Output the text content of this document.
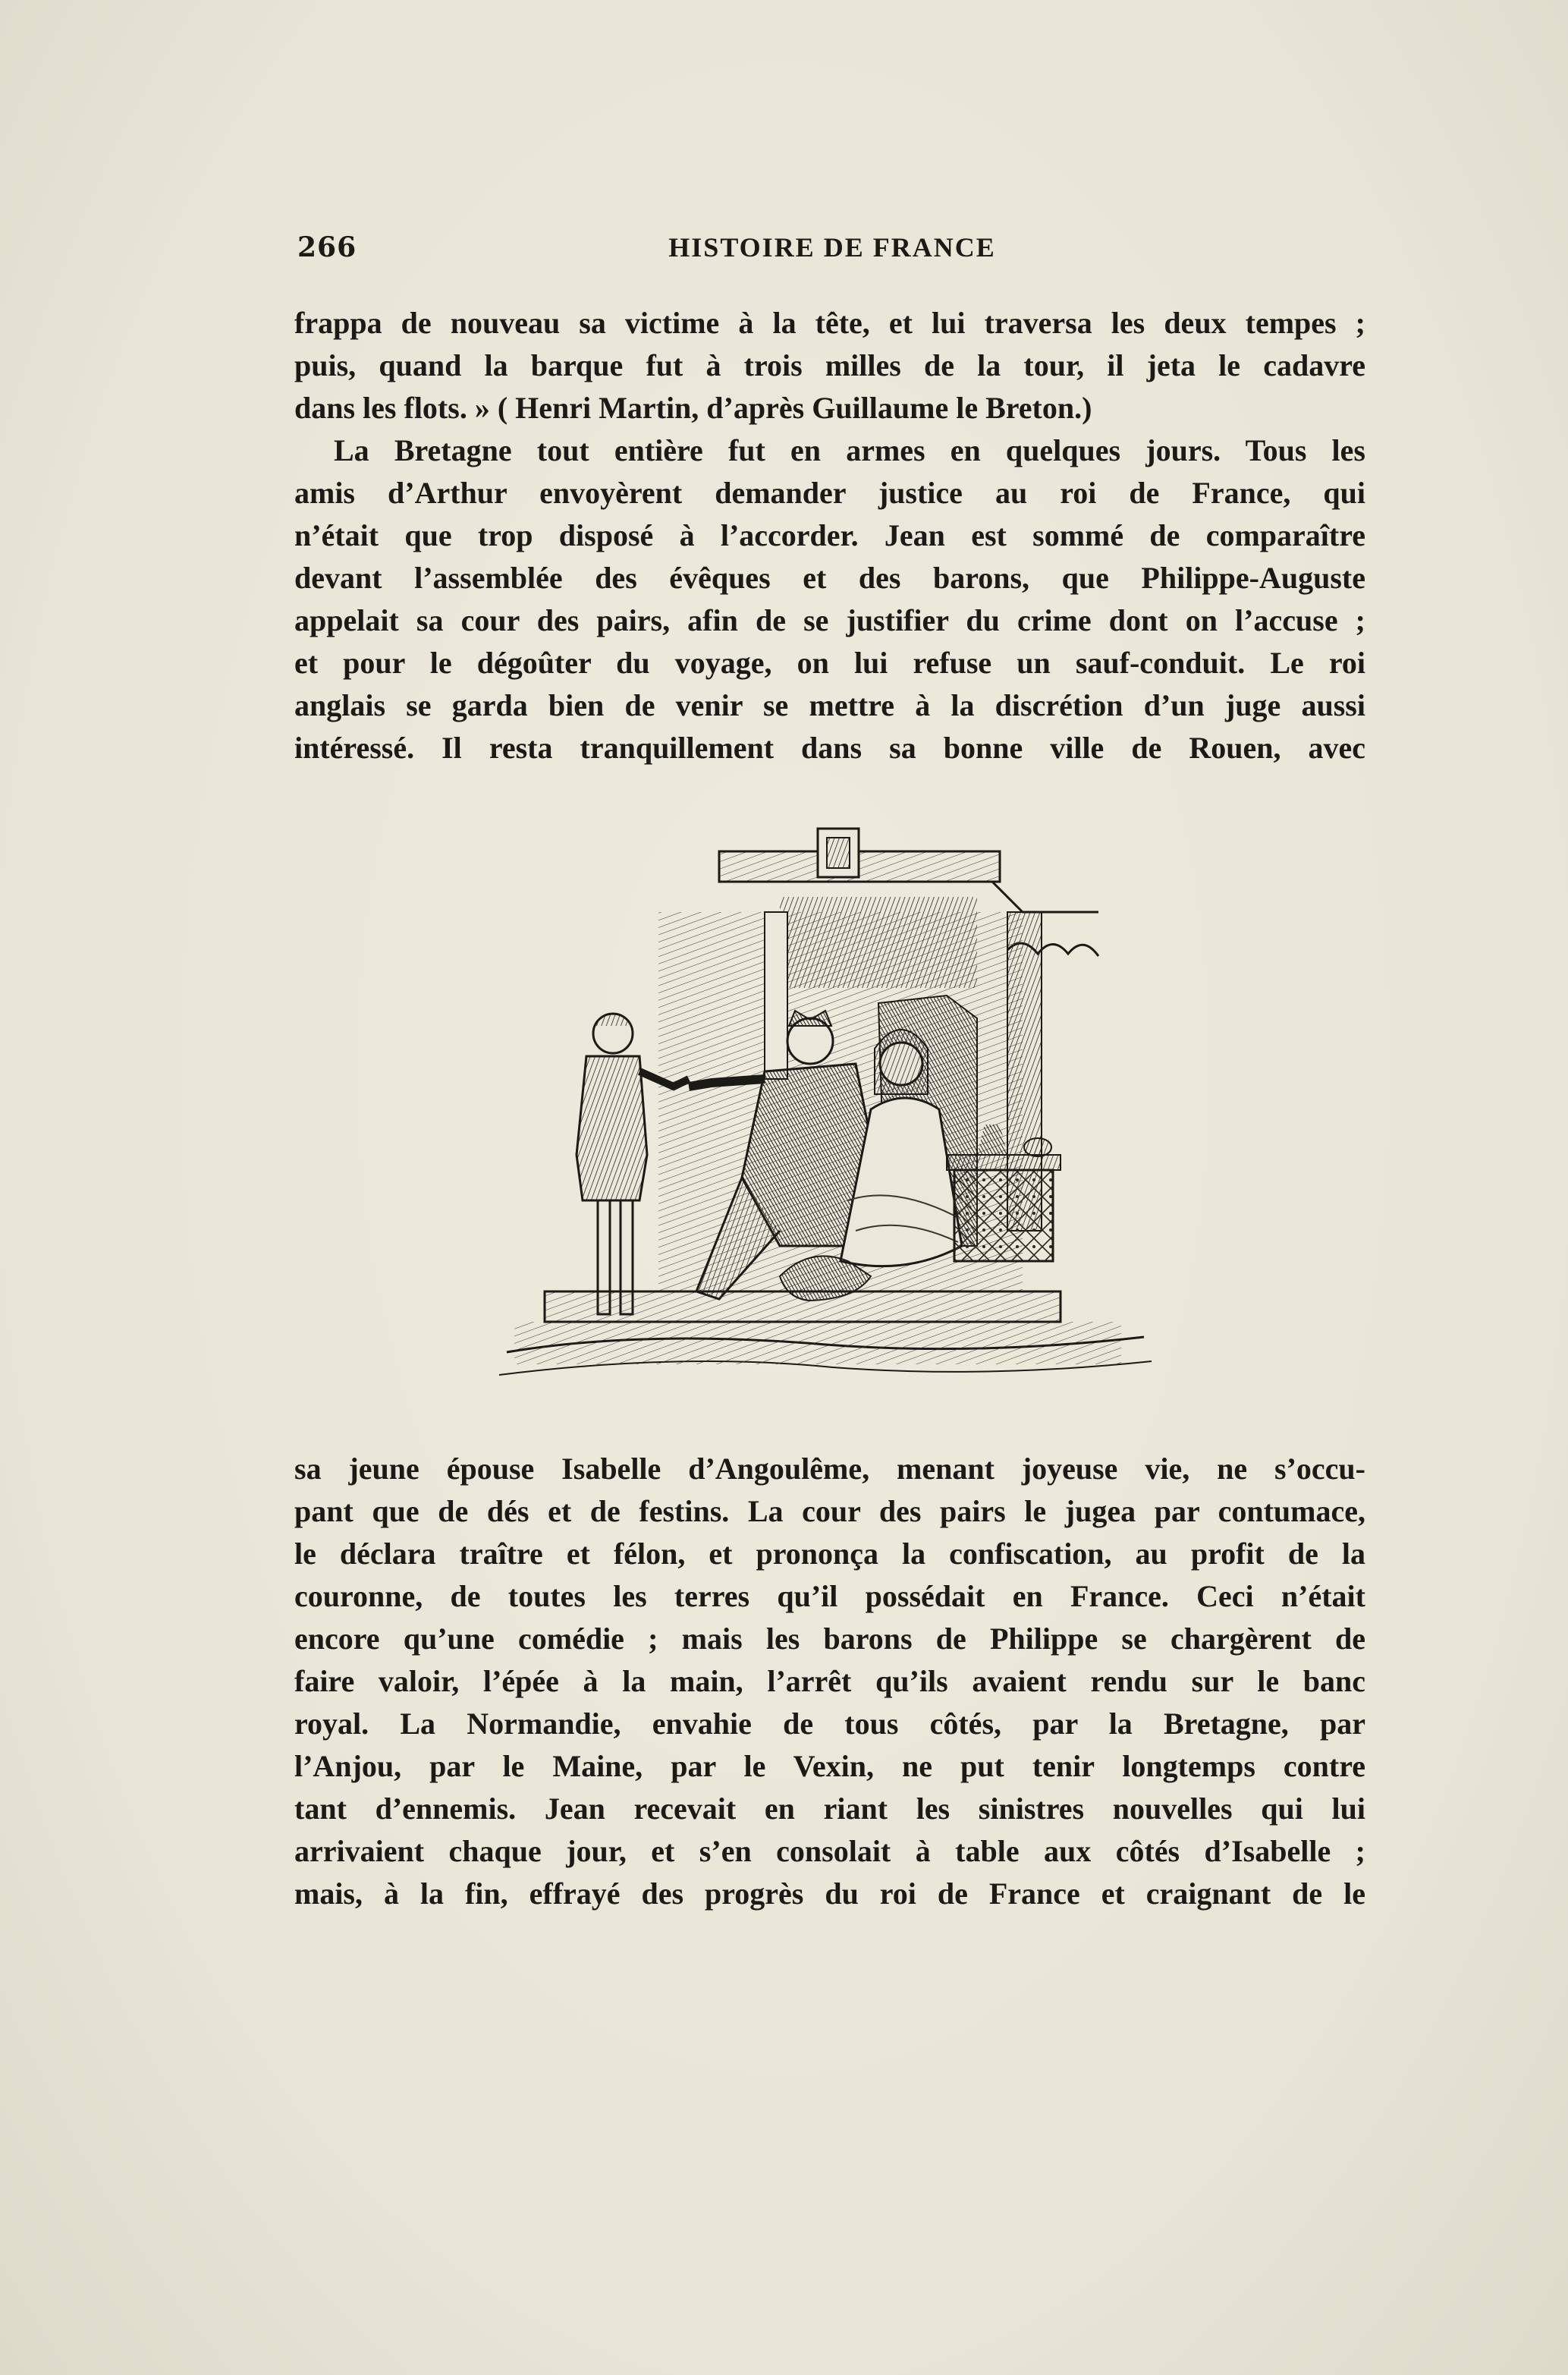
266	HISTOIRE DE FRANCE
frappa de nouveau sa victime à la tête, et lui traversa les deux tempes ;
puis, quand la barque fut à trois milles de la tour, il jeta le cadavre
dans les flots. » ( Henri Martin, d’après Guillaume le Breton.)
La Bretagne tout entière fut en armes en quelques jours. Tous les
amis d’Arthur envoyèrent demander justice au roi de France, qui
n’était que trop disposé à l’accorder. Jean est sommé de comparaître
devant l’assemblée des évêques et des barons, que Philippe-Auguste
appelait sa cour des pairs, afin de se justifier du crime dont on l’accuse ;
et pour le dégoûter du voyage, on lui refuse un sauf-conduit. Le roi
anglais se garda bien de venir se mettre à la discrétion d’un juge aussi
intéressé. Il resta tranquillement dans sa bonne ville de Rouen, avec
sa jeune épouse Isabelle d’Angoulême, menant joyeuse vie, ne s’occu-
pant que de dés et de festins. La cour des pairs le jugea par contumace,
le déclara traître et félon, et prononça la confiscation, au profit de la
couronne, de toutes les terres qu’il possédait en France. Ceci n’était
encore qu’une comédie ; mais les barons de Philippe se chargèrent de
faire valoir, l’épée à la main, l’arrêt qu’ils avaient rendu sur le banc
royal. La Normandie, envahie de tous côtés, par la Bretagne, par
l’Anjou, par le Maine, par le Vexin, ne put tenir longtemps contre
tant d’ennemis. Jean recevait en riant les sinistres nouvelles qui lui
arrivaient chaque jour, et s’en consolait à table aux côtés d’Isabelle ;
mais, à la fin, effrayé des progrès du roi de France et craignant de le
